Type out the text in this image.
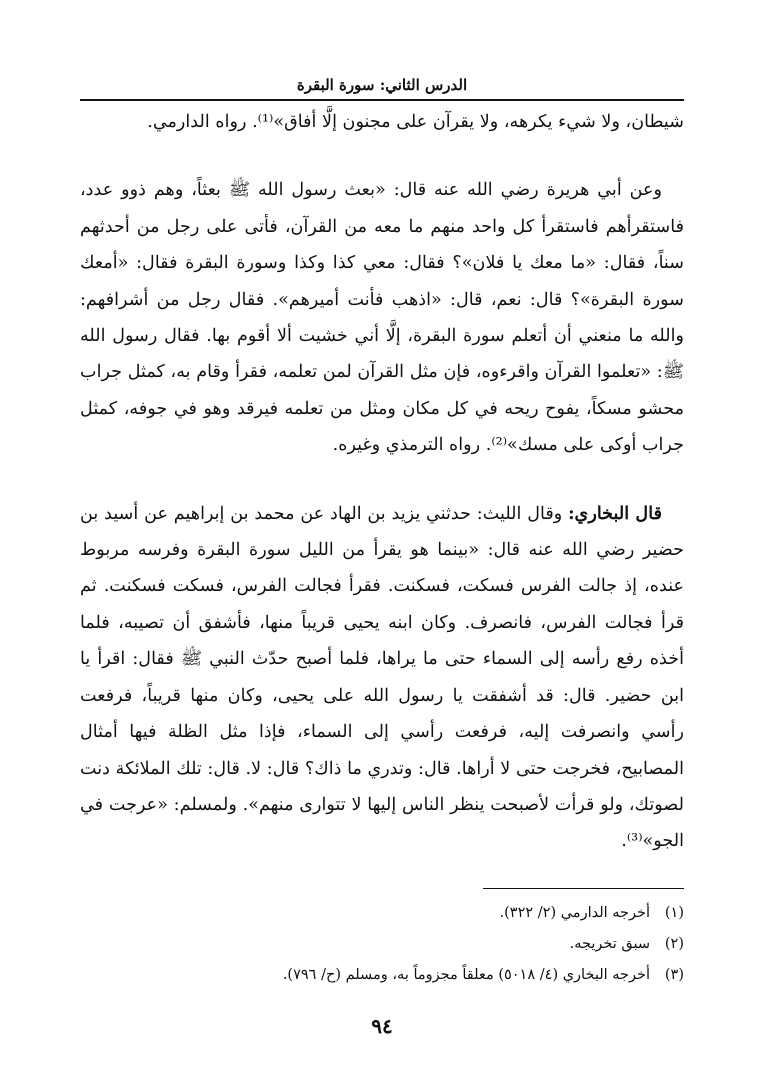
الدرس الثاني: سورة البقرة

شيطان، ولا شيء يكرهه، ولا يقرآن على مجنون إلَّا أفاق»⁽¹⁾. رواه الدارمي.

وعن أبي هريرة رضي الله عنه قال: «بعث رسول الله ﷺ بعثاً، وهم ذوو عدد، فاستقرأهم فاستقرأ كل واحد منهم ما معه من القرآن، فأتى على رجل من أحدثهم سناً، فقال: «ما معك يا فلان»؟ فقال: معي كذا وكذا وسورة البقرة فقال: «أمعك سورة البقرة»؟ قال: نعم، قال: «اذهب فأنت أميرهم». فقال رجل من أشرافهم: والله ما منعني أن أتعلم سورة البقرة، إلَّا أني خشيت ألا أقوم بها. فقال رسول الله ﷺ: «تعلموا القرآن واقرءوه، فإن مثل القرآن لمن تعلمه، فقرأ وقام به، كمثل جراب محشو مسكاً، يفوح ريحه في كل مكان ومثل من تعلمه فيرقد وهو في جوفه، كمثل جراب أوكى على مسك»⁽²⁾. رواه الترمذي وغيره.

قال البخاري: وقال الليث: حدثني يزيد بن الهاد عن محمد بن إبراهيم عن أسيد بن حضير رضي الله عنه قال: «بينما هو يقرأ من الليل سورة البقرة وفرسه مربوط عنده، إذ جالت الفرس فسكت، فسكنت. فقرأ فجالت الفرس، فسكت فسكنت. ثم قرأ فجالت الفرس، فانصرف. وكان ابنه يحيى قريباً منها، فأشفق أن تصيبه، فلما أخذه رفع رأسه إلى السماء حتى ما يراها، فلما أصبح حدّث النبي ﷺ فقال: اقرأ يا ابن حضير. قال: قد أشفقت يا رسول الله على يحيى، وكان منها قريباً، فرفعت رأسي وانصرفت إليه، فرفعت رأسي إلى السماء، فإذا مثل الظلة فيها أمثال المصابيح، فخرجت حتى لا أراها. قال: وتدري ما ذاك؟ قال: لا. قال: تلك الملائكة دنت لصوتك، ولو قرأت لأصبحت ينظر الناس إليها لا تتوارى منهم». ولمسلم: «عرجت في الجو»⁽³⁾.

(١)
أخرجه الدارمي (٢/ ٣٢٢).
(٢)
سبق تخريجه.
(٣)
أخرجه البخاري (٤/ ٥٠١٨) معلقاً مجزوماً به، ومسلم (ح/ ٧٩٦).
٩٤
